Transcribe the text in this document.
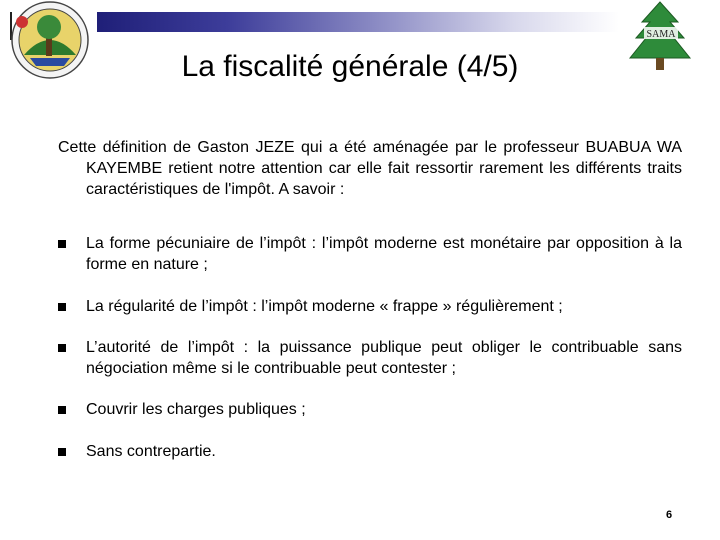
SAMA
La fiscalité générale (4/5)

Cette définition de Gaston JEZE qui a été aménagée par le professeur BUABUA WA KAYEMBE retient notre attention car elle fait ressortir rarement les différents traits caractéristiques de l'impôt. A savoir :

La forme pécuniaire de l’impôt : l’impôt moderne est monétaire par opposition à la forme en nature ;
La régularité de l’impôt : l’impôt moderne « frappe » régulièrement ;
L’autorité de l’impôt : la puissance publique peut obliger le contribuable sans négociation même si le contribuable peut contester ;
Couvrir les charges publiques ;
Sans contrepartie.
6
